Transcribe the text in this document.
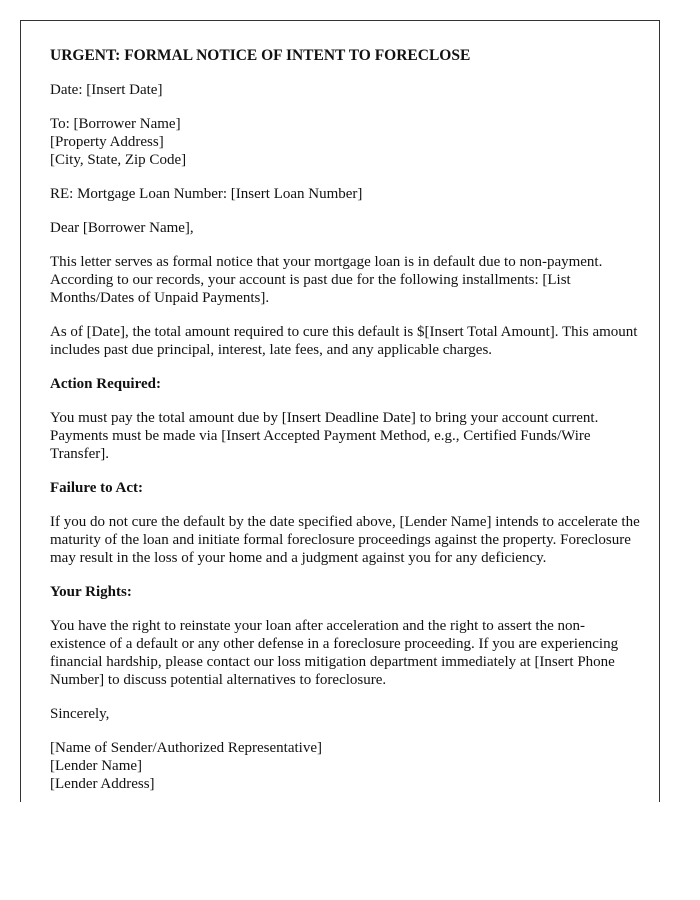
URGENT: FORMAL NOTICE OF INTENT TO FORECLOSE

Date: [Insert Date]

To: [Borrower Name]

[Property Address]

[City, State, Zip Code]

RE: Mortgage Loan Number: [Insert Loan Number]

Dear [Borrower Name],

This letter serves as formal notice that your mortgage loan is in default due to non-payment. According to our records, your account is past due for the following installments: [List Months/Dates of Unpaid Payments].

As of [Date], the total amount required to cure this default is $[Insert Total Amount]. This amount includes past due principal, interest, late fees, and any applicable charges.

Action Required:

You must pay the total amount due by [Insert Deadline Date] to bring your account current. Payments must be made via [Insert Accepted Payment Method, e.g., Certified Funds/Wire Transfer].

Failure to Act:

If you do not cure the default by the date specified above, [Lender Name] intends to accelerate the maturity of the loan and initiate formal foreclosure proceedings against the property. Foreclosure may result in the loss of your home and a judgment against you for any deficiency.

Your Rights:

You have the right to reinstate your loan after acceleration and the right to assert the non-existence of a default or any other defense in a foreclosure proceeding. If you are experiencing financial hardship, please contact our loss mitigation department immediately at [Insert Phone Number] to discuss potential alternatives to foreclosure.

Sincerely,

[Name of Sender/Authorized Representative]

[Lender Name]

[Lender Address]
